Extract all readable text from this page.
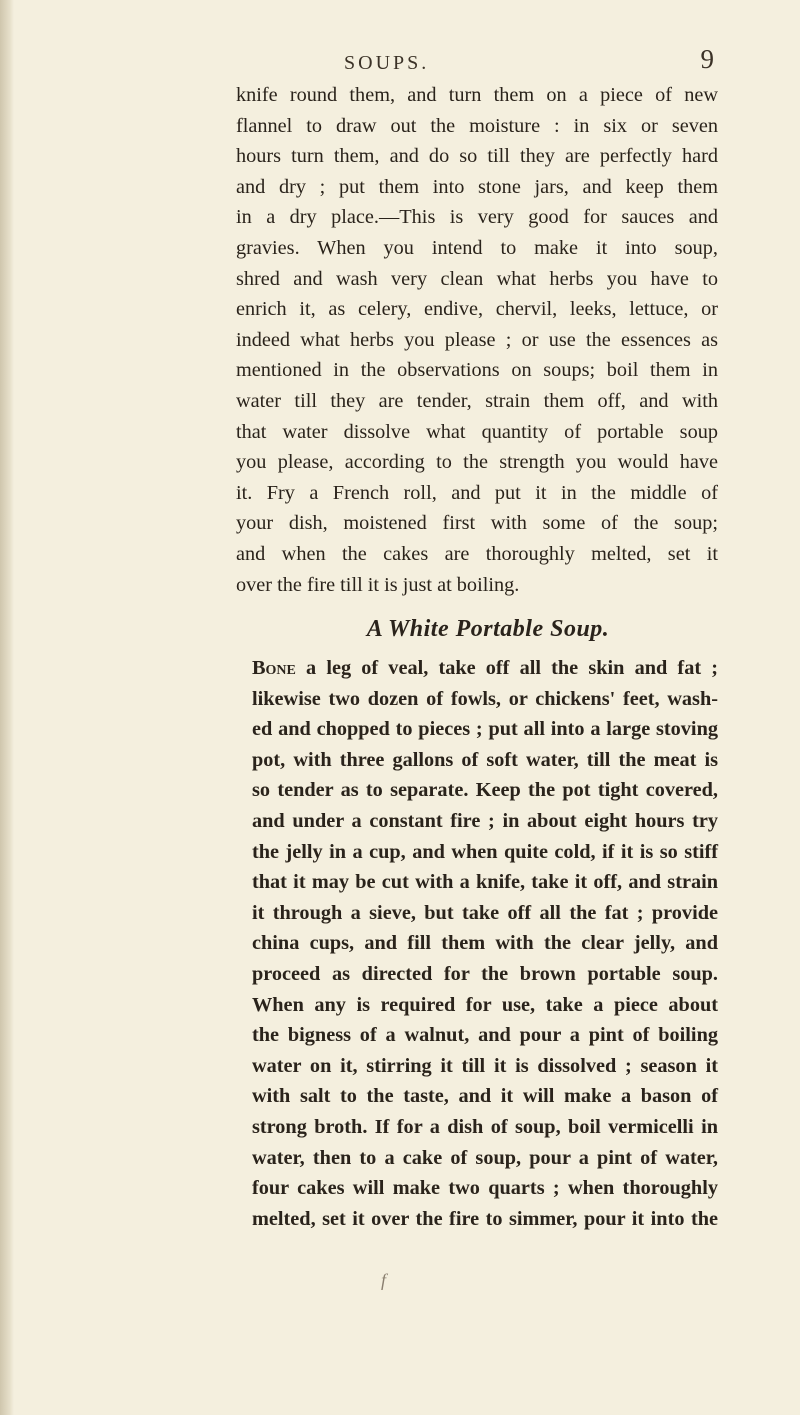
SOUPS.	9

knife round them, and turn them on a piece of new
flannel to draw out the moisture : in six or seven
hours turn them, and do so till they are perfectly hard
and dry ; put them into stone jars, and keep them
in a dry place.—This is very good for sauces and
gravies. When you intend to make it into soup,
shred and wash very clean what herbs you have to
enrich it, as celery, endive, chervil, leeks, lettuce, or
indeed what herbs you please ; or use the essences as
mentioned in the observations on soups; boil them in
water till they are tender, strain them off, and with
that water dissolve what quantity of portable soup
you please, according to the strength you would have
it. Fry a French roll, and put it in the middle of
your dish, moistened first with some of the soup;
and when the cakes are thoroughly melted, set it
over the fire till it is just at boiling.

A White Portable Soup.

Bone a leg of veal, take off all the skin and fat ;
likewise two dozen of fowls, or chickens' feet, wash-
ed and chopped to pieces ; put all into a large stoving
pot, with three gallons of soft water, till the meat is
so tender as to separate. Keep the pot tight covered,
and under a constant fire ; in about eight hours try
the jelly in a cup, and when quite cold, if it is so stiff
that it may be cut with a knife, take it off, and strain
it through a sieve, but take off all the fat ; provide
china cups, and fill them with the clear jelly, and
proceed as directed for the brown portable soup.
When any is required for use, take a piece about
the bigness of a walnut, and pour a pint of boiling
water on it, stirring it till it is dissolved ; season it
with salt to the taste, and it will make a bason of
strong broth. If for a dish of soup, boil vermicelli in
water, then to a cake of soup, pour a pint of water,
four cakes will make two quarts ; when thoroughly
melted, set it over the fire to simmer, pour it into the

f
